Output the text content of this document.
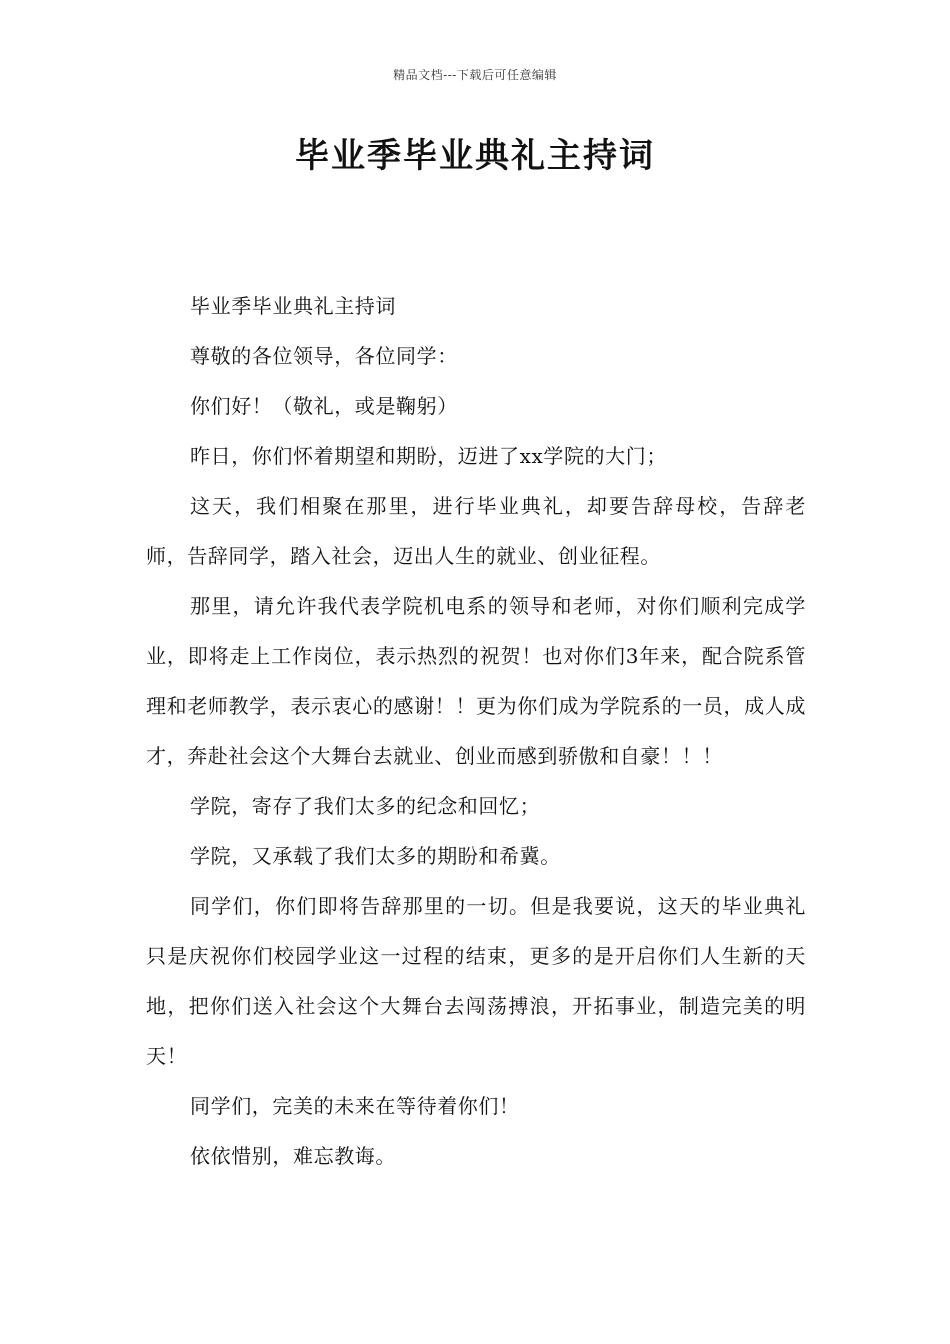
精品文档---下载后可任意编辑
毕业季毕业典礼主持词

毕业季毕业典礼主持词

尊敬的各位领导，各位同学：

你们好！（敬礼，或是鞠躬）

昨日，你们怀着期望和期盼，迈进了xx学院的大门；

这天，我们相聚在那里，进行毕业典礼，却要告辞母校，告辞老师，告辞同学，踏入社会，迈出人生的就业、创业征程。

那里，请允许我代表学院机电系的领导和老师，对你们顺利完成学业，即将走上工作岗位，表示热烈的祝贺！也对你们3年来，配合院系管理和老师教学，表示衷心的感谢！！更为你们成为学院系的一员，成人成才，奔赴社会这个大舞台去就业、创业而感到骄傲和自豪！！！

学院，寄存了我们太多的纪念和回忆；

学院，又承载了我们太多的期盼和希冀。

同学们，你们即将告辞那里的一切。但是我要说，这天的毕业典礼只是庆祝你们校园学业这一过程的结束，更多的是开启你们人生新的天地，把你们送入社会这个大舞台去闯荡搏浪，开拓事业，制造完美的明天！

同学们，完美的未来在等待着你们！

依依惜别，难忘教诲。
